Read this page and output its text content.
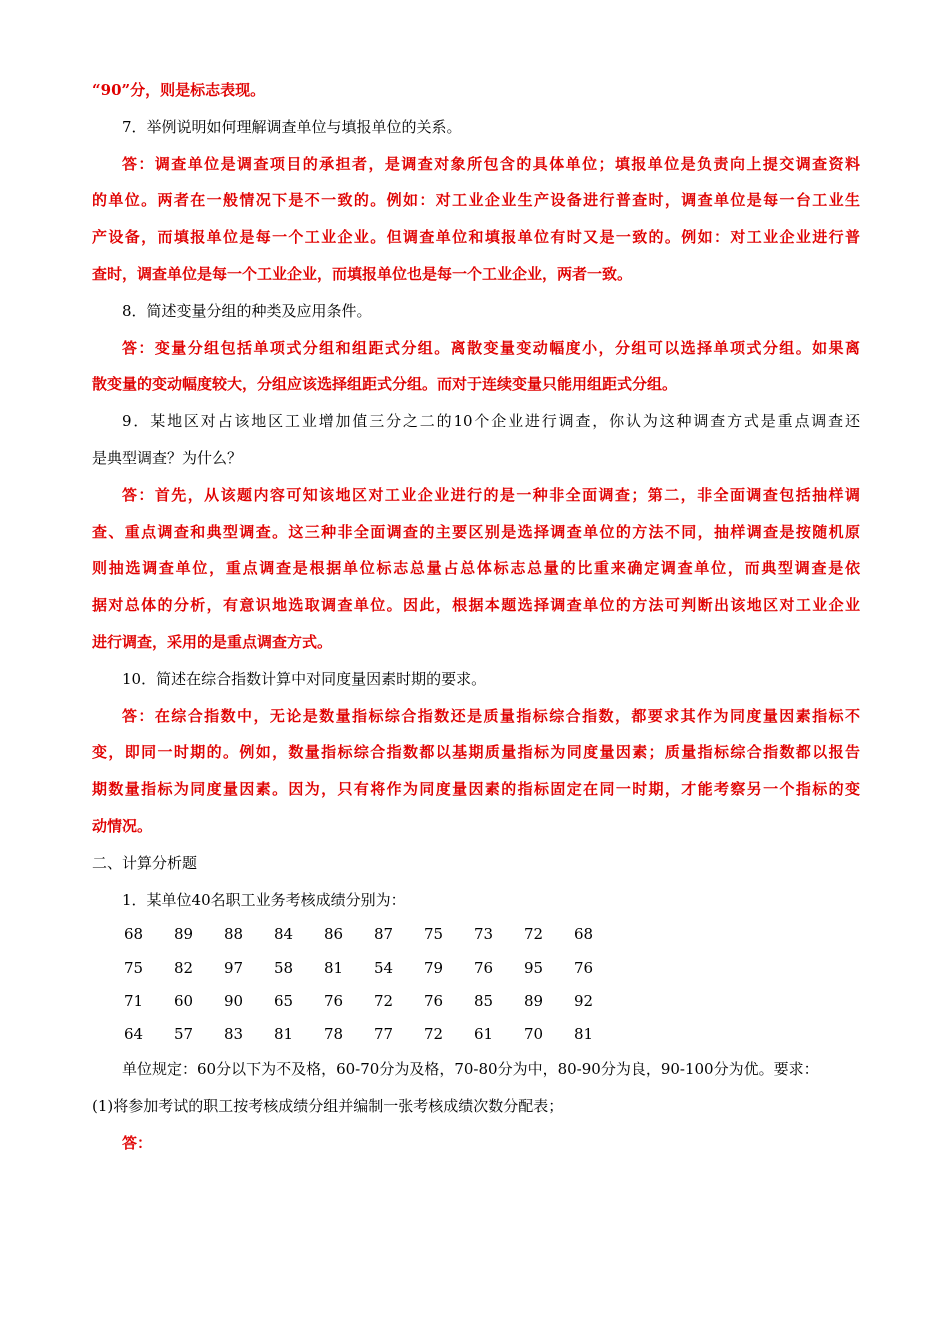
“90”分，则是标志表现。
7．举例说明如何理解调查单位与填报单位的关系。
答：调查单位是调查项目的承担者，是调查对象所包含的具体单位；填报单位是负责向上提交调查资料
的单位。两者在一般情况下是不一致的。例如：对工业企业生产设备进行普查时，调查单位是每一台工业生
产设备，而填报单位是每一个工业企业。但调查单位和填报单位有时又是一致的。例如：对工业企业进行普
查时，调查单位是每一个工业企业，而填报单位也是每一个工业企业，两者一致。
8．简述变量分组的种类及应用条件。
答：变量分组包括单项式分组和组距式分组。离散变量变动幅度小，分组可以选择单项式分组。如果离
散变量的变动幅度较大，分组应该选择组距式分组。而对于连续变量只能用组距式分组。
9．某地区对占该地区工业增加值三分之二的10个企业进行调查，你认为这种调查方式是重点调查还
是典型调查？为什么？
答：首先，从该题内容可知该地区对工业企业进行的是一种非全面调查；第二，非全面调查包括抽样调
查、重点调查和典型调查。这三种非全面调查的主要区别是选择调查单位的方法不同，抽样调查是按随机原
则抽选调查单位，重点调查是根据单位标志总量占总体标志总量的比重来确定调查单位，而典型调查是依
据对总体的分析，有意识地选取调查单位。因此，根据本题选择调查单位的方法可判断出该地区对工业企业
进行调查，采用的是重点调查方式。
10．简述在综合指数计算中对同度量因素时期的要求。
答：在综合指数中，无论是数量指标综合指数还是质量指标综合指数，都要求其作为同度量因素指标不
变，即同一时期的。例如，数量指标综合指数都以基期质量指标为同度量因素；质量指标综合指数都以报告
期数量指标为同度量因素。因为，只有将作为同度量因素的指标固定在同一时期，才能考察另一个指标的变
动情况。
二、计算分析题
1．某单位40名职工业务考核成绩分别为：
68	89	88	84	86	87	75	73	72	68
75	82	97	58	81	54	79	76	95	76
71	60	90	65	76	72	76	85	89	92
64	57	83	81	78	77	72	61	70	81
单位规定：60分以下为不及格，60-70分为及格，70-80分为中，80-90分为良，90-100分为优。要求：
(1)将参加考试的职工按考核成绩分组并编制一张考核成绩次数分配表；
答：
